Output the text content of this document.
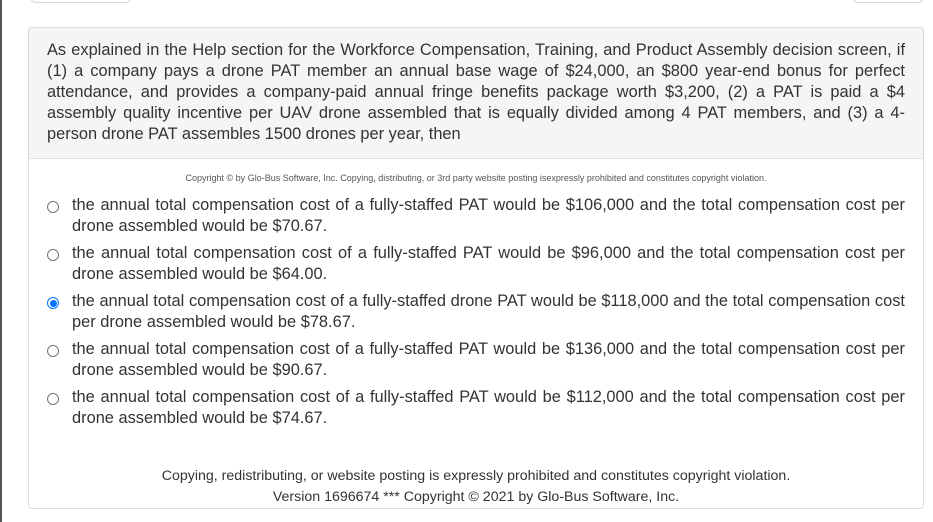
As explained in the Help section for the Workforce Compensation, Training, and Product Assembly decision screen, if (1) a company pays a drone PAT member an annual base wage of $24,000, an $800 year-end bonus for perfect attendance, and provides a company-paid annual fringe benefits package worth $3,200, (2) a PAT is paid a $4 assembly quality incentive per UAV drone assembled that is equally divided among 4 PAT members, and (3) a 4-person drone PAT assembles 1500 drones per year, then

Copyright © by Glo-Bus Software, Inc. Copying, distributing, or 3rd party website posting isexpressly prohibited and constitutes copyright violation.
the annual total compensation cost of a fully-staffed PAT would be $106,000 and the total compensation cost per drone assembled would be $70.67.
the annual total compensation cost of a fully-staffed PAT would be $96,000 and the total compensation cost per drone assembled would be $64.00.
the annual total compensation cost of a fully-staffed drone PAT would be $118,000 and the total compensation cost per drone assembled would be $78.67.
the annual total compensation cost of a fully-staffed PAT would be $136,000 and the total compensation cost per drone assembled would be $90.67.
the annual total compensation cost of a fully-staffed PAT would be $112,000 and the total compensation cost per drone assembled would be $74.67.
Copying, redistributing, or website posting is expressly prohibited and constitutes copyright violation.
Version 1696674 *** Copyright © 2021 by Glo-Bus Software, Inc.
